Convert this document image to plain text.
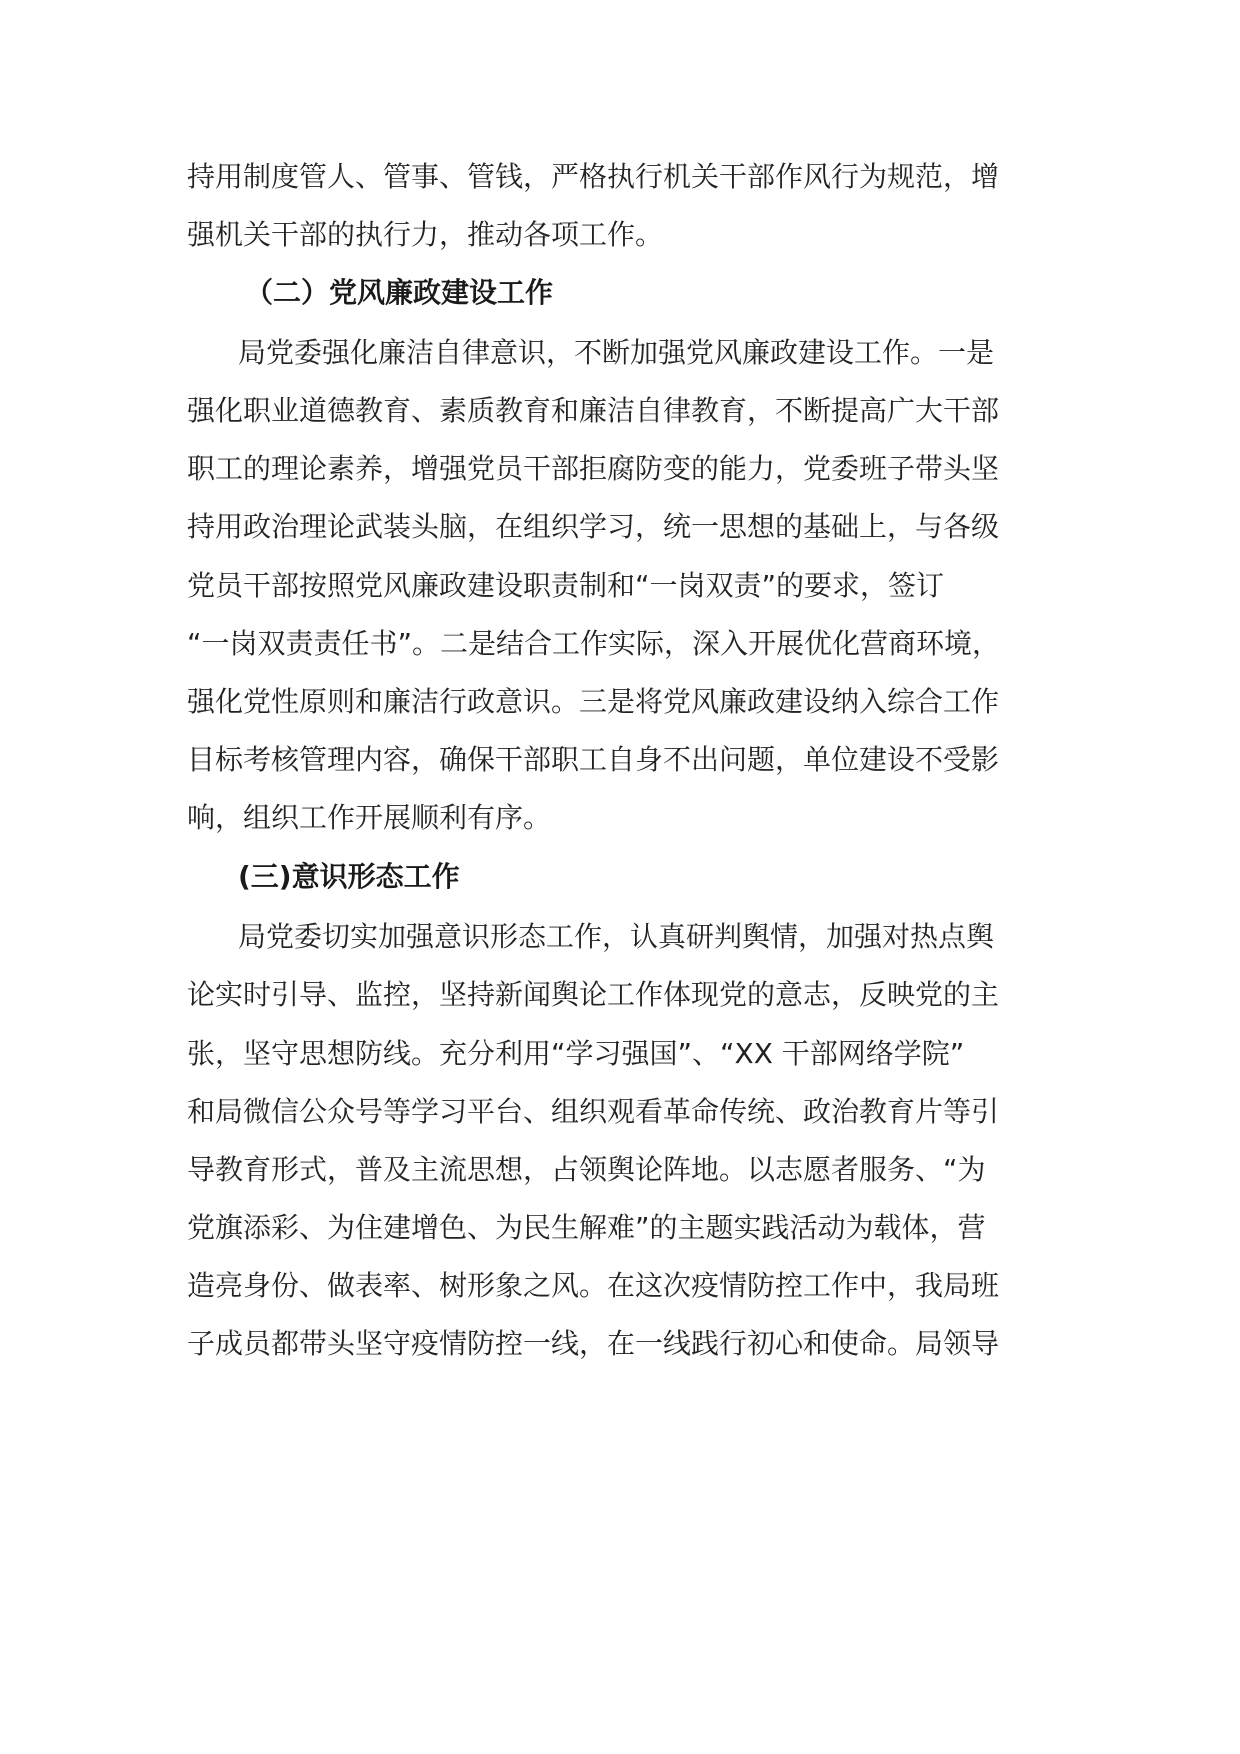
持用制度管人、管事、管钱，严格执行机关干部作风行为规范，增
强机关干部的执行力，推动各项工作。
（二）党风廉政建设工作
局党委强化廉洁自律意识，不断加强党风廉政建设工作。一是
强化职业道德教育、素质教育和廉洁自律教育，不断提高广大干部
职工的理论素养，增强党员干部拒腐防变的能力，党委班子带头坚
持用政治理论武装头脑，在组织学习，统一思想的基础上，与各级
党员干部按照党风廉政建设职责制和“一岗双责”的要求，签订
“一岗双责责任书”。二是结合工作实际，深入开展优化营商环境，
强化党性原则和廉洁行政意识。三是将党风廉政建设纳入综合工作
目标考核管理内容，确保干部职工自身不出问题，单位建设不受影
响，组织工作开展顺利有序。
(三)意识形态工作
局党委切实加强意识形态工作，认真研判舆情，加强对热点舆
论实时引导、监控，坚持新闻舆论工作体现党的意志，反映党的主
张，坚守思想防线。充分利用“学习强国”、“XX 干部网络学院”
和局微信公众号等学习平台、组织观看革命传统、政治教育片等引
导教育形式，普及主流思想，占领舆论阵地。以志愿者服务、“为
党旗添彩、为住建增色、为民生解难”的主题实践活动为载体，营
造亮身份、做表率、树形象之风。在这次疫情防控工作中，我局班
子成员都带头坚守疫情防控一线，在一线践行初心和使命。局领导
